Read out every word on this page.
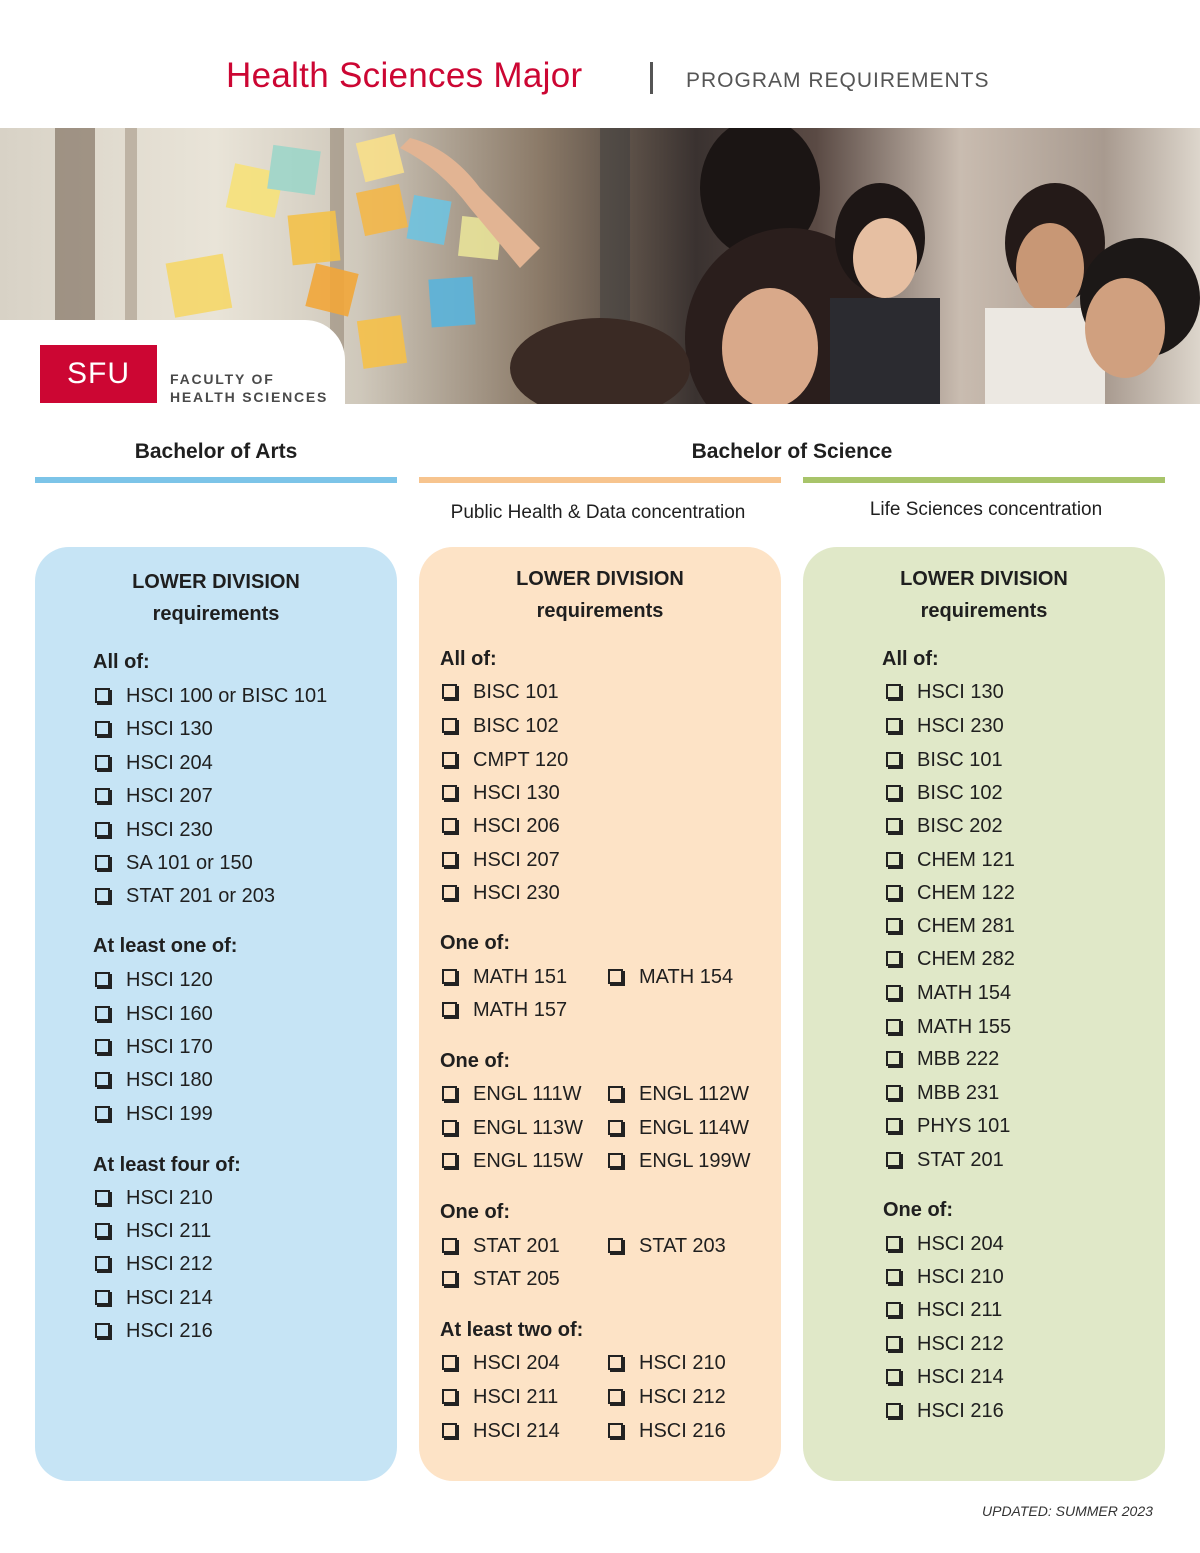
Health Sciences Major	PROGRAM REQUIREMENTS
SFU	FACULTY OF
HEALTH SCIENCES
Bachelor of Arts	Bachelor of Science
Public Health & Data concentration	Life Sciences concentration
LOWER DIVISION
requirements
All of:
HSCI 100 or BISC 101
HSCI 130
HSCI 204
HSCI 207
HSCI 230
SA 101 or 150
STAT 201 or 203
At least one of:
HSCI 120
HSCI 160
HSCI 170
HSCI 180
HSCI 199
At least four of:
HSCI 210
HSCI 211
HSCI 212
HSCI 214
HSCI 216
LOWER DIVISION
requirements
All of:
BISC 101
BISC 102
CMPT 120
HSCI 130
HSCI 206
HSCI 207
HSCI 230
One of:
MATH 151	MATH 154
MATH 157
One of:
ENGL 111W	ENGL 112W
ENGL 113W	ENGL 114W
ENGL 115W	ENGL 199W
One of:
STAT 201	STAT 203
STAT 205
At least two of:
HSCI 204	HSCI 210
HSCI 211	HSCI 212
HSCI 214	HSCI 216
LOWER DIVISION
requirements
All of:
HSCI 130
HSCI 230
BISC 101
BISC 102
BISC 202
CHEM 121
CHEM 122
CHEM 281
CHEM 282
MATH 154
MATH 155
MBB 222
MBB 231
PHYS 101
STAT 201
One of:
HSCI 204
HSCI 210
HSCI 211
HSCI 212
HSCI 214
HSCI 216
UPDATED: SUMMER 2023
